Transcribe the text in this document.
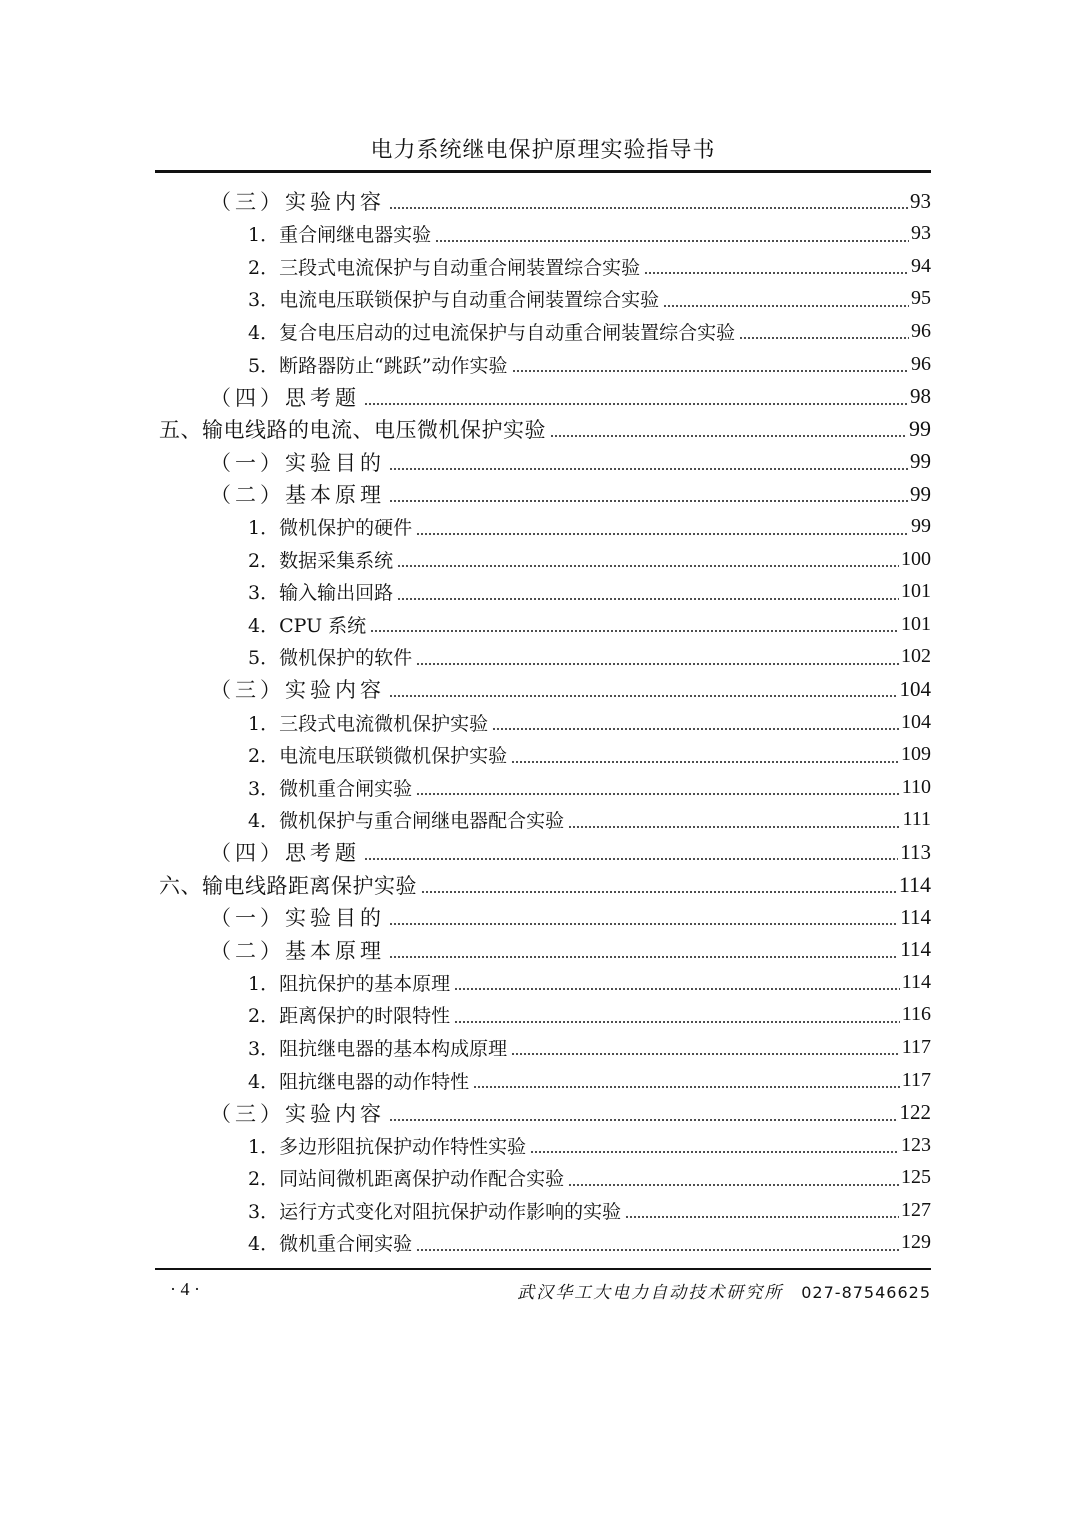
电力系统继电保护原理实验指导书
（三）实验内容	93
1．重合闸继电器实验	93
2．三段式电流保护与自动重合闸装置综合实验	94
3．电流电压联锁保护与自动重合闸装置综合实验	95
4．复合电压启动的过电流保护与自动重合闸装置综合实验	96
5．断路器防止“跳跃”动作实验	96
（四）思考题	98
五、输电线路的电流、电压微机保护实验	99
（一）实验目的	99
（二）基本原理	99
1．微机保护的硬件	99
2．数据采集系统	100
3．输入输出回路	101
4．CPU 系统	101
5．微机保护的软件	102
（三）实验内容	104
1．三段式电流微机保护实验	104
2．电流电压联锁微机保护实验	109
3．微机重合闸实验	110
4．微机保护与重合闸继电器配合实验	111
（四）思考题	113
六、输电线路距离保护实验	114
（一）实验目的	114
（二）基本原理	114
1．阻抗保护的基本原理	114
2．距离保护的时限特性	116
3．阻抗继电器的基本构成原理	117
4．阻抗继电器的动作特性	117
（三）实验内容	122
1．多边形阻抗保护动作特性实验	123
2．同站间微机距离保护动作配合实验	125
3．运行方式变化对阻抗保护动作影响的实验	127
4．微机重合闸实验	129
· 4 ·	武汉华工大电力自动技术研究所 027-87546625
